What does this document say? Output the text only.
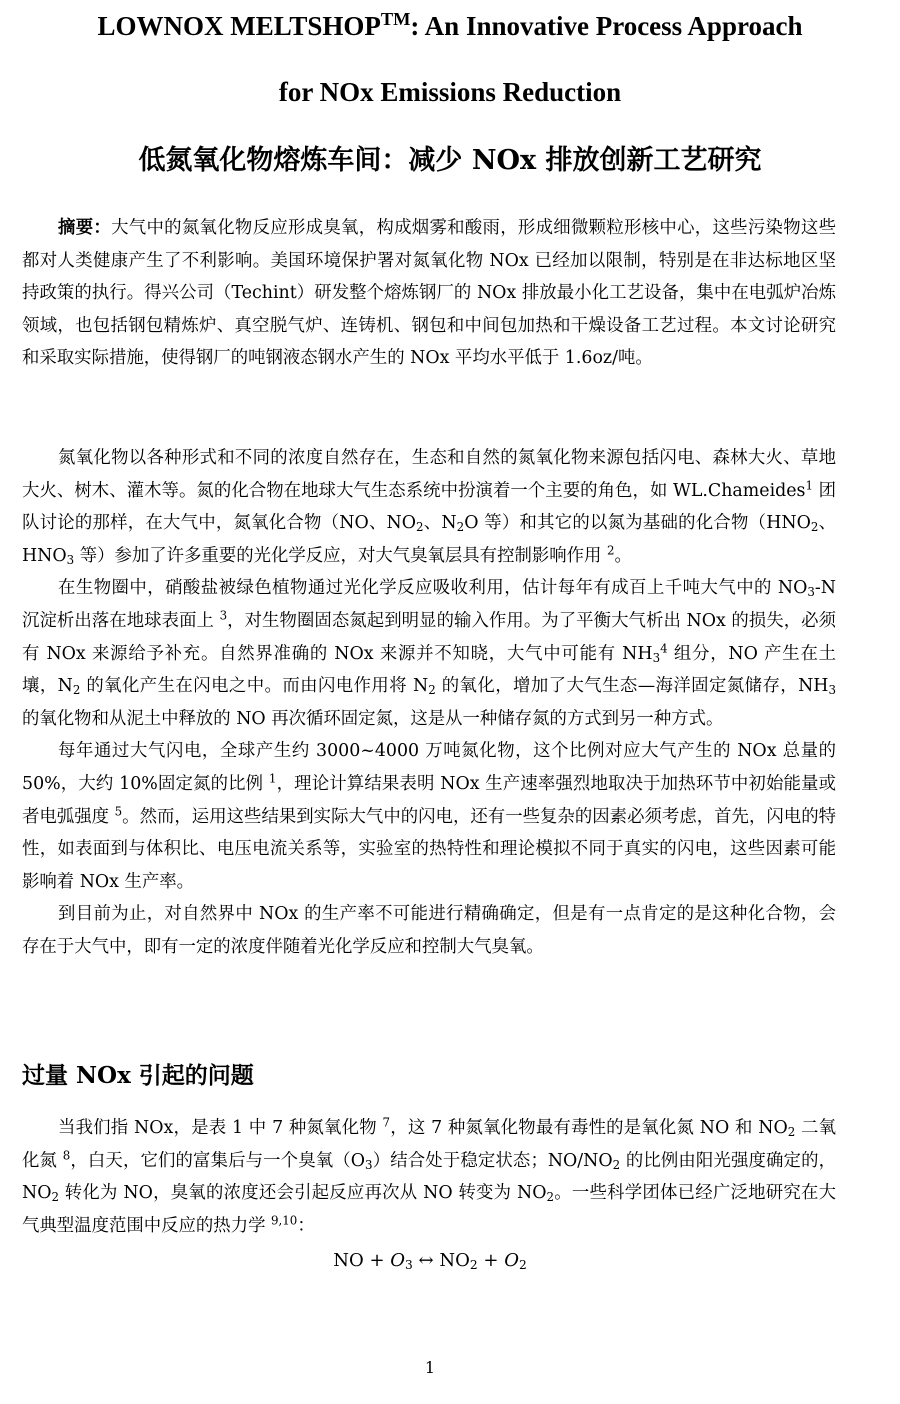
LOWNOX MELTSHOP™: An Innovative Process Approach
for NOx Emissions Reduction
低氮氧化物熔炼车间：减少 NOx 排放创新工艺研究

摘要：大气中的氮氧化物反应形成臭氧，构成烟雾和酸雨，形成细微颗粒形核中心，这些污染物这些都对人类健康产生了不利影响。美国环境保护署对氮氧化物 NOx 已经加以限制，特别是在非达标地区坚持政策的执行。得兴公司（Techint）研发整个熔炼钢厂的 NOx 排放最小化工艺设备，集中在电弧炉冶炼领域，也包括钢包精炼炉、真空脱气炉、连铸机、钢包和中间包加热和干燥设备工艺过程。本文讨论研究和采取实际措施，使得钢厂的吨钢液态钢水产生的 NOx 平均水平低于 1.6oz/吨。

氮氧化物以各种形式和不同的浓度自然存在，生态和自然的氮氧化物来源包括闪电、森林大火、草地大火、树木、灌木等。氮的化合物在地球大气生态系统中扮演着一个主要的角色，如 WL.Chameides$^1$ 团队讨论的那样，在大气中，氮氧化合物（NO、$NO_2$、$N_2O$ 等）和其它的以氮为基础的化合物（$HNO_2$、$HNO_3$ 等）参加了许多重要的光化学反应，对大气臭氧层具有控制影响作用 $^2$。

在生物圈中，硝酸盐被绿色植物通过光化学反应吸收利用，估计每年有成百上千吨大气中的 $NO_3-N$ 沉淀析出落在地球表面上 $^3$，对生物圈固态氮起到明显的输入作用。为了平衡大气析出 NOx 的损失，必须有 NOx 来源给予补充。自然界准确的 NOx 来源并不知晓，大气中可能有 $NH_3^4$ 组分，NO 产生在土壤，$N_2$ 的氧化产生在闪电之中。而由闪电作用将 $N_2$ 的氧化，增加了大气生态—海洋固定氮储存，$NH_3$ 的氧化物和从泥土中释放的 NO 再次循环固定氮，这是从一种储存氮的方式到另一种方式。

每年通过大气闪电，全球产生约 3000~4000 万吨氮化物，这个比例对应大气产生的 NOx 总量的 50%，大约 10%固定氮的比例 $^1$，理论计算结果表明 NOx 生产速率强烈地取决于加热环节中初始能量或者电弧强度 $^5$。然而，运用这些结果到实际大气中的闪电，还有一些复杂的因素必须考虑，首先，闪电的特性，如表面到与体积比、电压电流关系等，实验室的热特性和理论模拟不同于真实的闪电，这些因素可能影响着 NOx 生产率。

到目前为止，对自然界中 NOx 的生产率不可能进行精确确定，但是有一点肯定的是这种化合物，会存在于大气中，即有一定的浓度伴随着光化学反应和控制大气臭氧。

过量 NOx 引起的问题

当我们指 NOx，是表 1 中 7 种氮氧化物 $^7$，这 7 种氮氧化物最有毒性的是氧化氮 NO 和 $NO_2$ 二氧化氮 $^8$，白天，它们的富集后与一个臭氧$(O_3)$结合处于稳定状态；$NO/NO_2$ 的比例由阳光强度确定的，$NO_2$ 转化为 NO，臭氧的浓度还会引起反应再次从 NO 转变为 $NO_2$。一些科学团体已经广泛地研究在大气典型温度范围中反应的热力学 $^{9,10}$：

NO + $O_3$ ↔ $NO_2 + O_2$
1
